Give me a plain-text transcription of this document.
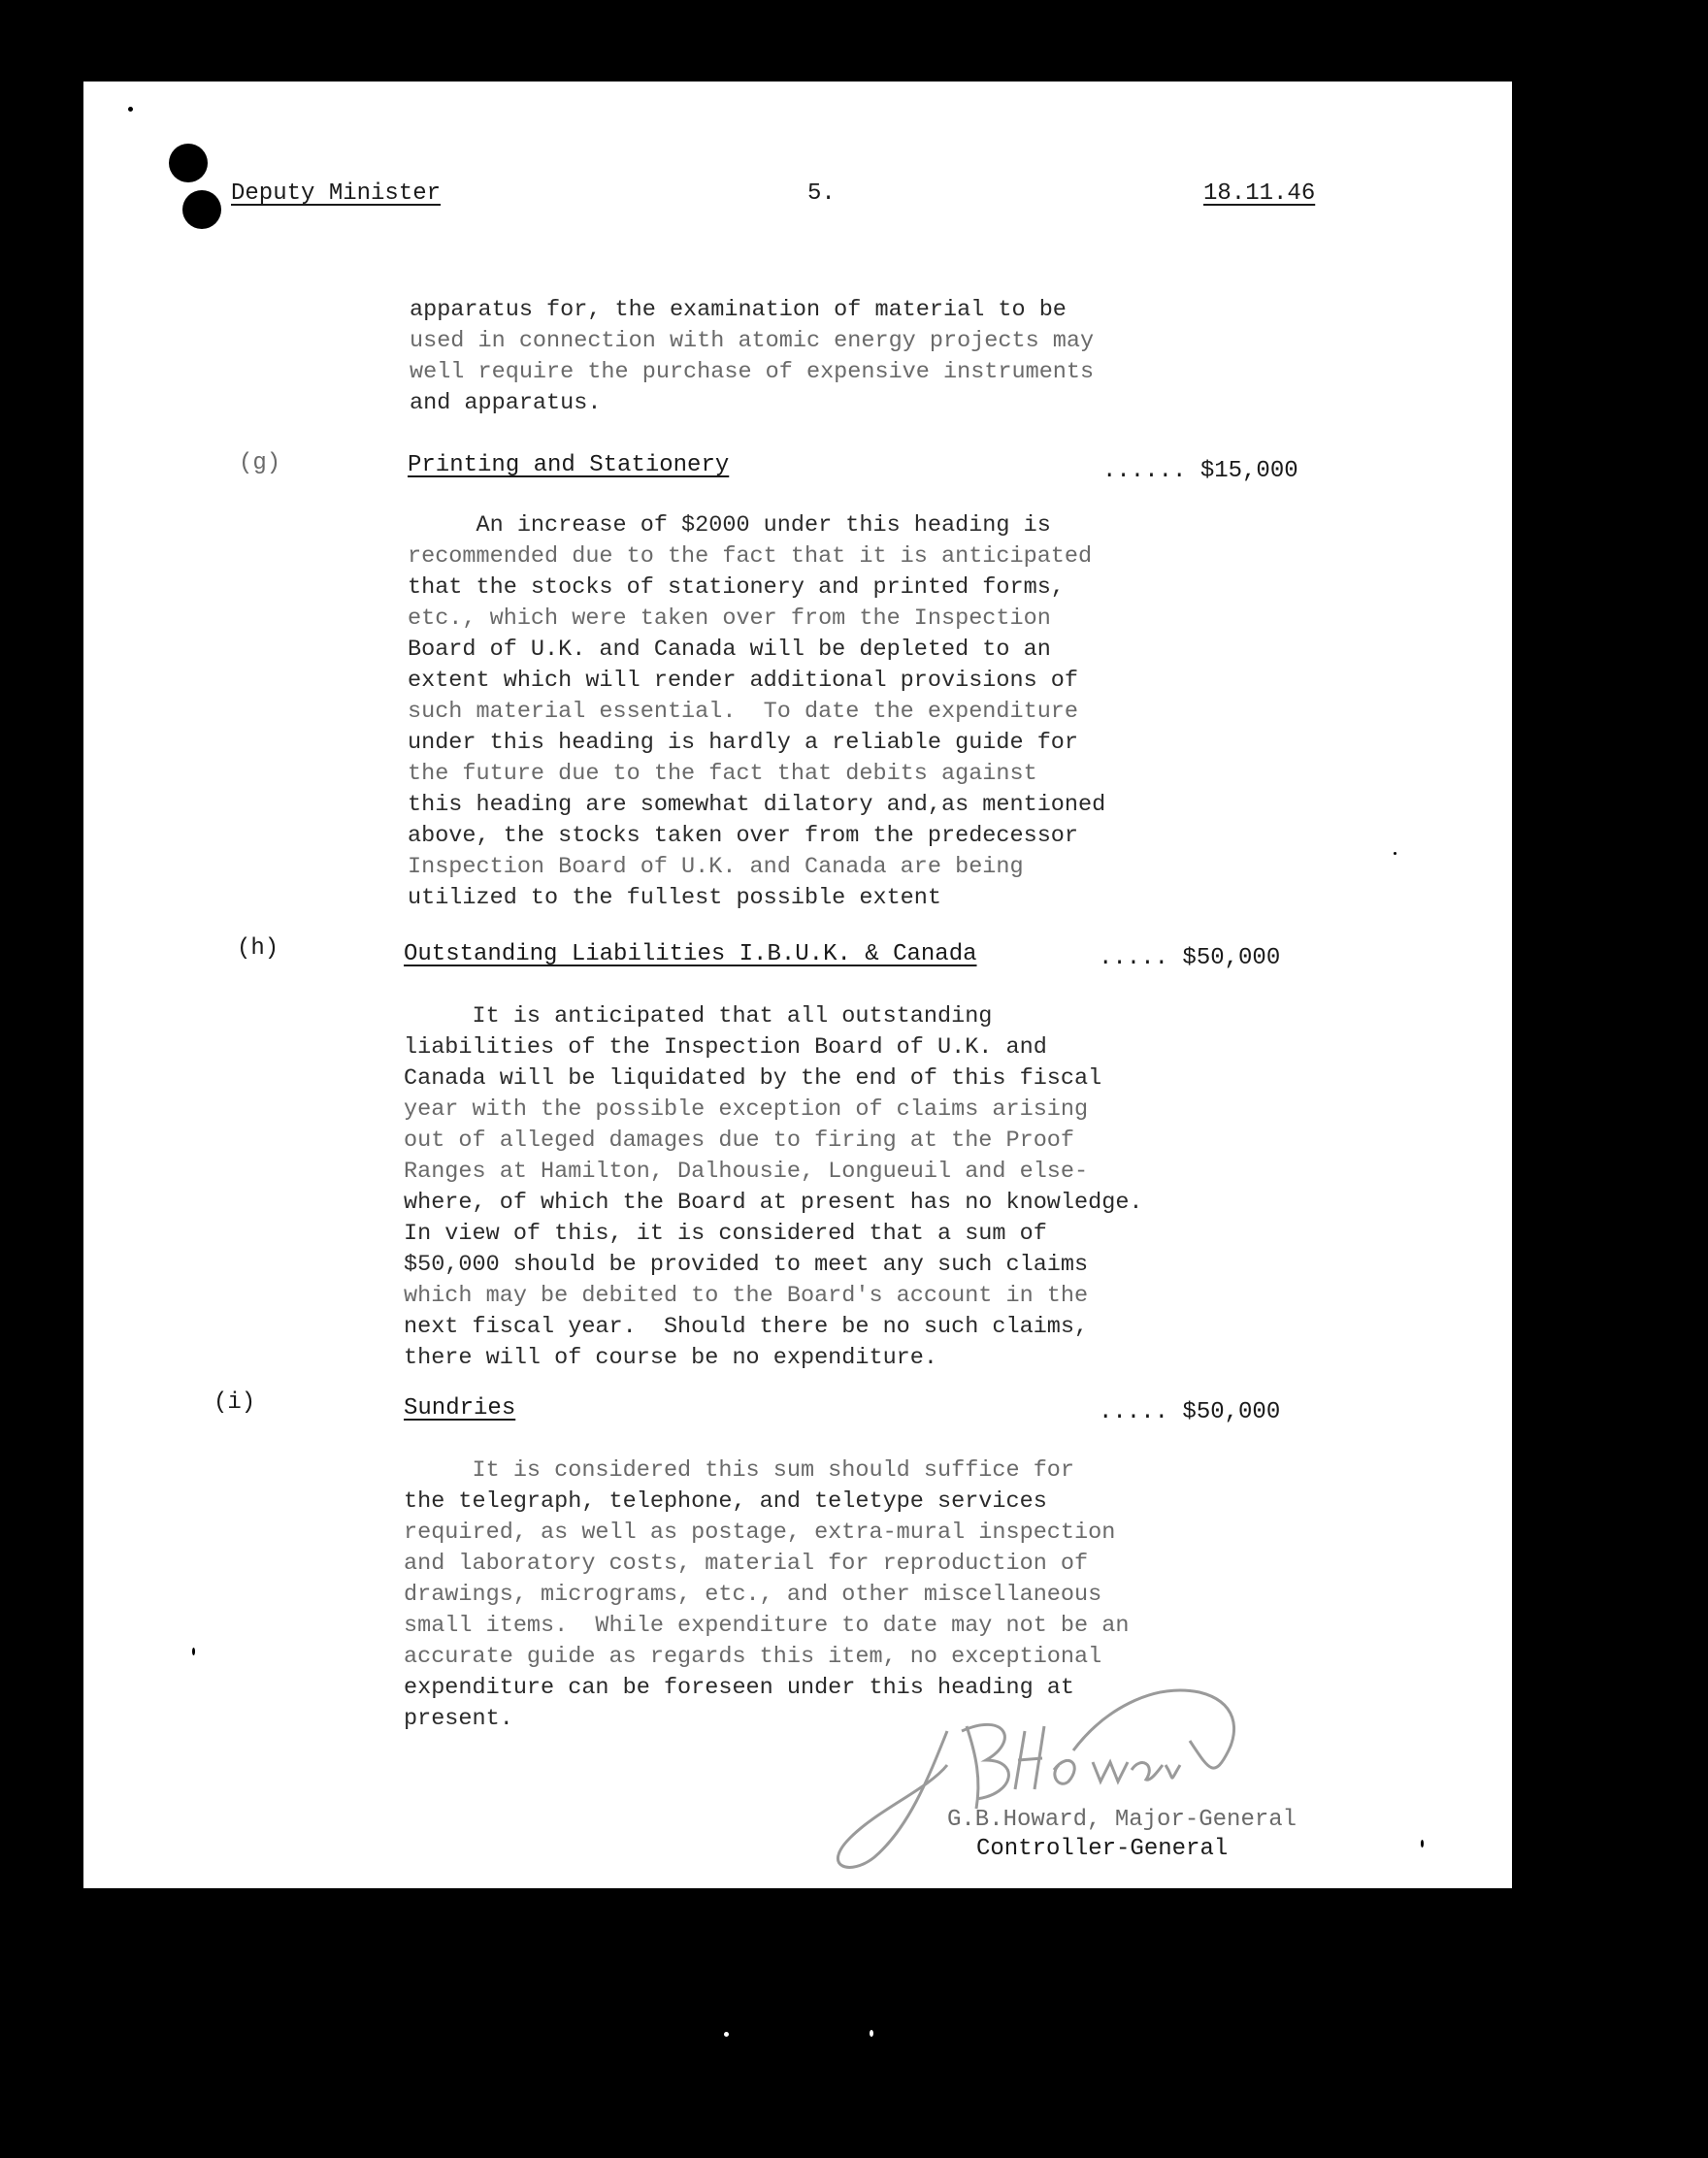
Deputy Minister	5.	18.11.46
apparatus for, the examination of material to be
used in connection with atomic energy projects may
well require the purchase of expensive instruments
and apparatus.
(g)	Printing and Stationery	...... $15,000
An increase of $2000 under this heading is
recommended due to the fact that it is anticipated
that the stocks of stationery and printed forms,
etc., which were taken over from the Inspection
Board of U.K. and Canada will be depleted to an
extent which will render additional provisions of
such material essential.  To date the expenditure
under this heading is hardly a reliable guide for
the future due to the fact that debits against
this heading are somewhat dilatory and,as mentioned
above, the stocks taken over from the predecessor
Inspection Board of U.K. and Canada are being
utilized to the fullest possible extent
(h)	Outstanding Liabilities I.B.U.K. & Canada	..... $50,000
It is anticipated that all outstanding
liabilities of the Inspection Board of U.K. and
Canada will be liquidated by the end of this fiscal
year with the possible exception of claims arising
out of alleged damages due to firing at the Proof
Ranges at Hamilton, Dalhousie, Longueuil and else-
where, of which the Board at present has no knowledge.
In view of this, it is considered that a sum of
$50,000 should be provided to meet any such claims
which may be debited to the Board's account in the
next fiscal year.  Should there be no such claims,
there will of course be no expenditure.
(i)	Sundries	..... $50,000
It is considered this sum should suffice for
the telegraph, telephone, and teletype services
required, as well as postage, extra-mural inspection
and laboratory costs, material for reproduction of
drawings, micrograms, etc., and other miscellaneous
small items.  While expenditure to date may not be an
accurate guide as regards this item, no exceptional
expenditure can be foreseen under this heading at
present.
G.B.Howard, Major-General
Controller-General
